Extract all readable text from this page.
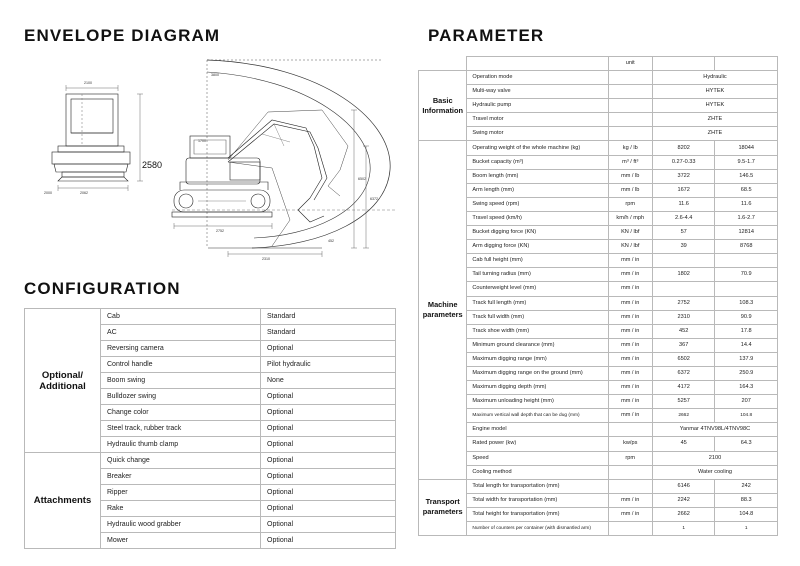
ENVELOPE DIAGRAM
2100
2000	2062
3800
1700
2752
2310
6502
6372
452
2580
CONFIGURATION
Optional/ Additional	Cab	Standard
	AC	Standard
	Reversing camera	Optional
	Control handle	Pilot hydraulic
	Boom swing	None
	Bulldozer swing	Optional
	Change color	Optional
	Steel track, rubber track	Optional
	Hydraulic thumb clamp	Optional
Attachments	Quick change	Optional
	Breaker	Optional
	Ripper	Optional
	Rake	Optional
	Hydraulic wood grabber	Optional
	Mower	Optional
PARAMETER
		unit		
Basic Information	Operation mode		Hydraulic	
	Multi-way valve		HYTEK	
	Hydraulic pump		HYTEK	
	Travel motor		ZHTE	
	Swing motor		ZHTE	
Machine parameters	Operating weight of the whole machine (kg)	kg / lb	8202	18044
	Bucket capacity (m³)	m³ / ft³	0.27-0.33	9.5-1.7
	Boom length (mm)	mm / lb	3722	146.5
	Arm length (mm)	mm / lb	1672	68.5
	Swing speed (rpm)	rpm	11.6	11.6
	Travel speed (km/h)	km/h / mph	2.6-4.4	1.6-2.7
	Bucket digging force (KN)	KN / lbf	57	12814
	Arm digging force (KN)	KN / lbf	39	8768
	Cab full height (mm)	mm / in		
	Tail turning radius (mm)	mm / in	1802	70.9
	Counterweight level (mm)	mm / in		
	Track full length (mm)	mm / in	2752	108.3
	Track full width (mm)	mm / in	2310	90.9
	Track shoe width (mm)	mm / in	452	17.8
	Minimum ground clearance (mm)	mm / in	367	14.4
	Maximum digging range (mm)	mm / in	6502	137.9
	Maximum digging range on the ground (mm)	mm / in	6372	250.9
	Maximum digging depth (mm)	mm / in	4172	164.3
	Maximum unloading height (mm)	mm / in	5257	207
	Maximum vertical wall depth that can be dug (mm)	mm / in	2662	104.8
	Engine model		Yanmar 4TNV98L/4TNV98C	
	Rated power (kw)	kw/ps	45	64.3
	Speed	rpm	2100	
	Cooling method		Water cooling	
Transport parameters	Total length for transportation (mm)		6146	242
	Total width for transportation (mm)	mm / in	2242	88.3
	Total height for transportation (mm)	mm / in	2662	104.8
	Number of counters per container (with dismantled arm)		1	1
